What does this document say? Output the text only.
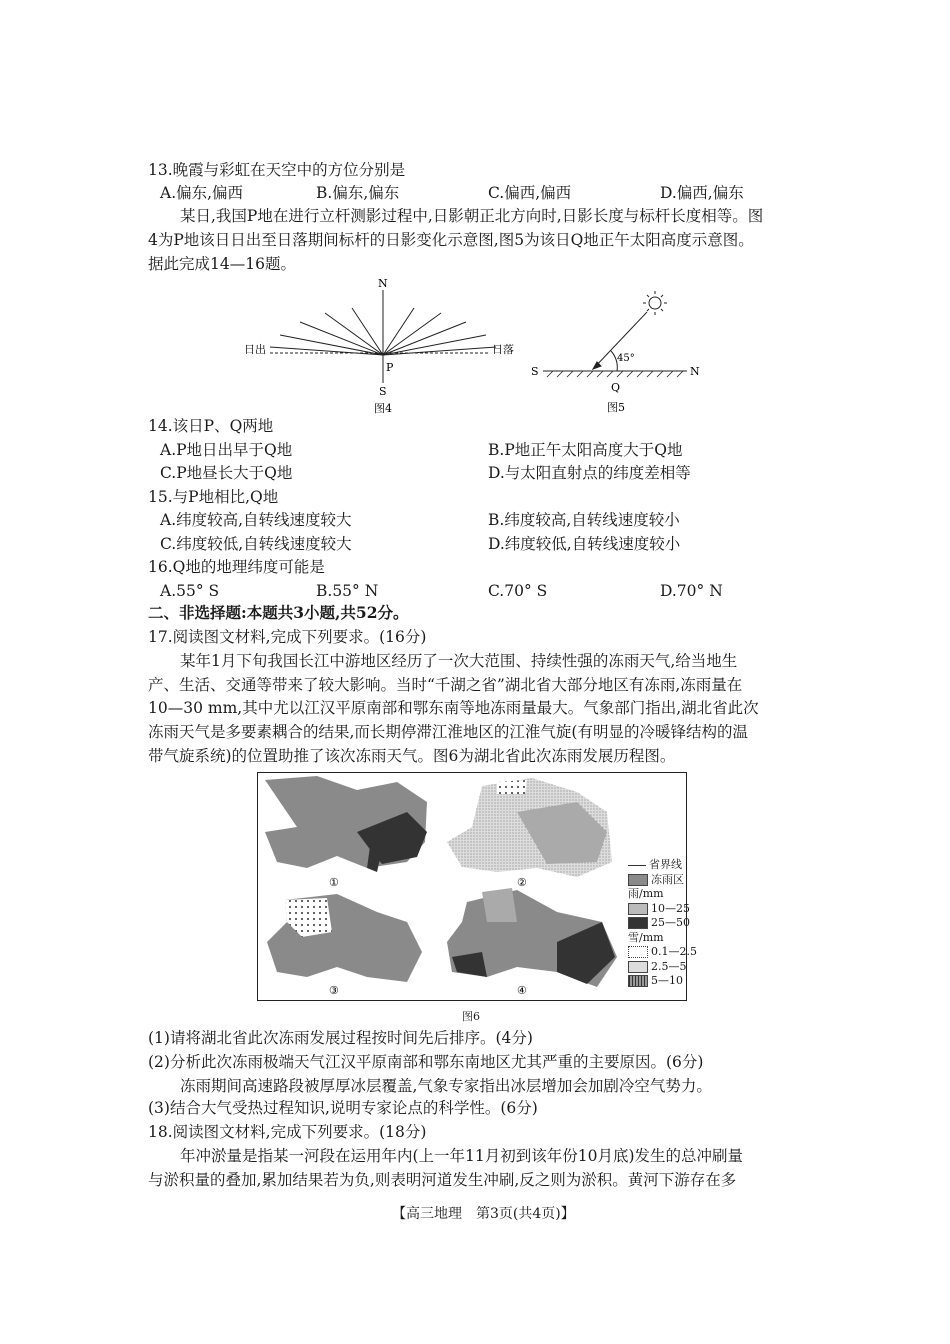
13.晚霞与彩虹在天空中的方位分别是
A.偏东,偏西	B.偏东,偏东	C.偏西,偏西	D.偏西,偏东
某日,我国P地在进行立杆测影过程中,日影朝正北方向时,日影长度与标杆长度相等。图
4为P地该日日出至日落期间标杆的日影变化示意图,图5为该日Q地正午太阳高度示意图。
据此完成14—16题。
N
S
P
日出	日落
图4
S	N
Q
45°
图5
14.该日P、Q两地
A.P地日出早于Q地	B.P地正午太阳高度大于Q地
C.P地昼长大于Q地	D.与太阳直射点的纬度差相等
15.与P地相比,Q地
A.纬度较高,自转线速度较大	B.纬度较高,自转线速度较小
C.纬度较低,自转线速度较大	D.纬度较低,自转线速度较小
16.Q地的地理纬度可能是
A.55° S	B.55° N	C.70° S	D.70° N
二、非选择题:本题共3小题,共52分。
17.阅读图文材料,完成下列要求。(16分)
某年1月下旬我国长江中游地区经历了一次大范围、持续性强的冻雨天气,给当地生
产、生活、交通等带来了较大影响。当时“千湖之省”湖北省大部分地区有冻雨,冻雨量在
10—30 mm,其中尤以江汉平原南部和鄂东南等地冻雨量最大。气象部门指出,湖北省此次
冻雨天气是多要素耦合的结果,而长期停滞江淮地区的江淮气旋(有明显的冷暖锋结构的温
带气旋系统)的位置助推了该次冻雨天气。图6为湖北省此次冻雨发展历程图。
①	②
③	④
省界线
冻雨区
雨/mm
10—25
25—50
雪/mm
0.1—2.5
2.5—5
5—10
图6
(1)请将湖北省此次冻雨发展过程按时间先后排序。(4分)
(2)分析此次冻雨极端天气江汉平原南部和鄂东南地区尤其严重的主要原因。(6分)
冻雨期间高速路段被厚厚冰层覆盖,气象专家指出冰层增加会加剧冷空气势力。
(3)结合大气受热过程知识,说明专家论点的科学性。(6分)
18.阅读图文材料,完成下列要求。(18分)
年冲淤量是指某一河段在运用年内(上一年11月初到该年份10月底)发生的总冲刷量
与淤积量的叠加,累加结果若为负,则表明河道发生冲刷,反之则为淤积。黄河下游存在多
【高三地理　第3页(共4页)】
